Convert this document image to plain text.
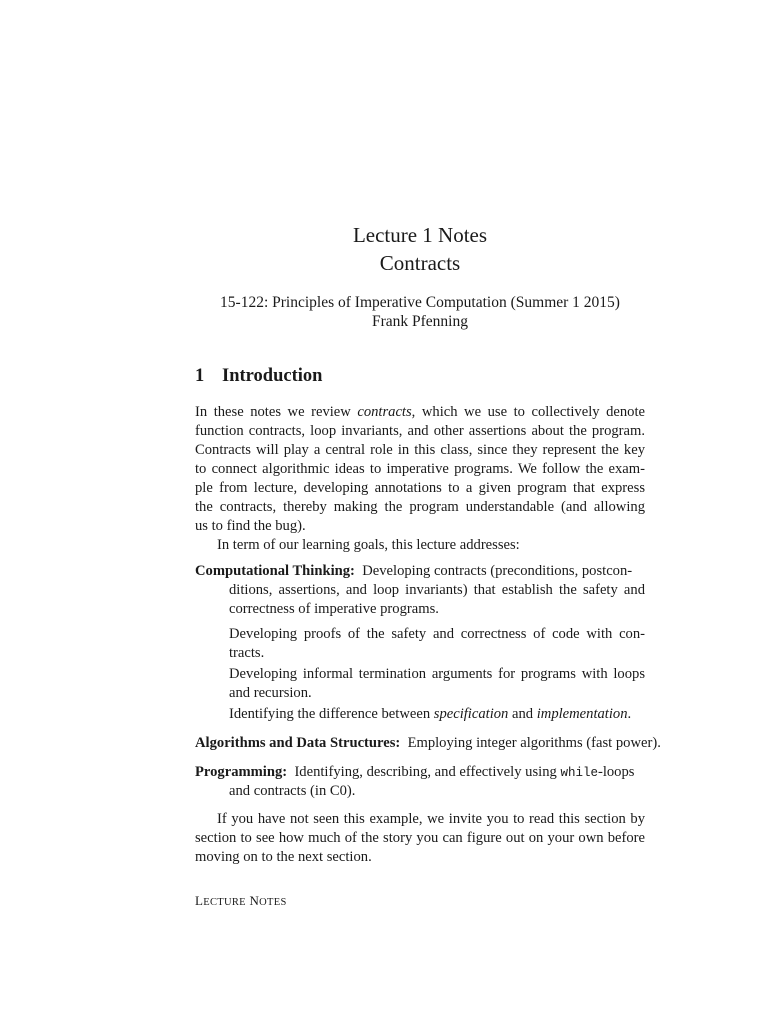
Lecture 1 Notes
Contracts
15-122: Principles of Imperative Computation (Summer 1 2015)
Frank Pfenning
1 Introduction
In these notes we review contracts, which we use to collectively denote
function contracts, loop invariants, and other assertions about the program.
Contracts will play a central role in this class, since they represent the key
to connect algorithmic ideas to imperative programs. We follow the exam-
ple from lecture, developing annotations to a given program that express
the contracts, thereby making the program understandable (and allowing
us to find the bug).
In term of our learning goals, this lecture addresses:
Computational Thinking: Developing contracts (preconditions, postcon-
ditions, assertions, and loop invariants) that establish the safety and
correctness of imperative programs.
Developing proofs of the safety and correctness of code with con-
tracts.
Developing informal termination arguments for programs with loops
and recursion.
Identifying the difference between specification and implementation.
Algorithms and Data Structures: Employing integer algorithms (fast power).
Programming: Identifying, describing, and effectively using while-loops
and contracts (in C0).
If you have not seen this example, we invite you to read this section by
section to see how much of the story you can figure out on your own before
moving on to the next section.
LECTURE NOTES
